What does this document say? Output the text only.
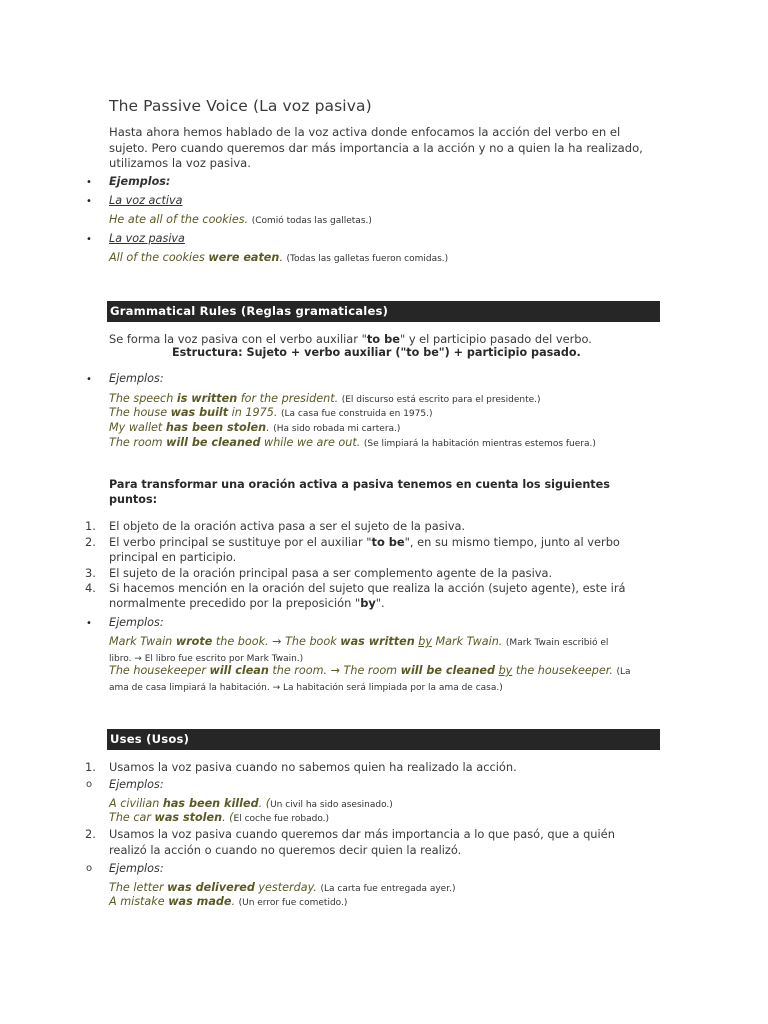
The Passive Voice (La voz pasiva)
Hasta ahora hemos hablado de la voz activa donde enfocamos la acción del verbo en el sujeto. Pero cuando queremos dar más importancia a la acción y no a quien la ha realizado, utilizamos la voz pasiva.
• Ejemplos:
• La voz activa
He ate all of the cookies. (Comió todas las galletas.)
• La voz pasiva
All of the cookies were eaten. (Todas las galletas fueron comidas.)
Grammatical Rules (Reglas gramaticales)
Se forma la voz pasiva con el verbo auxiliar "to be" y el participio pasado del verbo.
Estructura: Sujeto + verbo auxiliar ("to be") + participio pasado.
• Ejemplos:
The speech is written for the president. (El discurso está escrito para el presidente.)
The house was built in 1975. (La casa fue construida en 1975.)
My wallet has been stolen. (Ha sido robada mi cartera.)
The room will be cleaned while we are out. (Se limpiará la habitación mientras estemos fuera.)
Para transformar una oración activa a pasiva tenemos en cuenta los siguientes
puntos:
1. El objeto de la oración activa pasa a ser el sujeto de la pasiva.
2. El verbo principal se sustituye por el auxiliar "to be", en su mismo tiempo, junto al verbo
principal en participio.
3. El sujeto de la oración principal pasa a ser complemento agente de la pasiva.
4. Si hacemos mención en la oración del sujeto que realiza la acción (sujeto agente), este irá
normalmente precedido por la preposición "by".
• Ejemplos:
Mark Twain wrote the book. → The book was written by Mark Twain. (Mark Twain escribió el
libro. → El libro fue escrito por Mark Twain.)
The housekeeper will clean the room. → The room will be cleaned by the housekeeper. (La
ama de casa limpiará la habitación. → La habitación será limpiada por la ama de casa.)
Uses (Usos)
1. Usamos la voz pasiva cuando no sabemos quien ha realizado la acción.
o Ejemplos:
A civilian has been killed. (Un civil ha sido asesinado.)
The car was stolen. (El coche fue robado.)
2. Usamos la voz pasiva cuando queremos dar más importancia a lo que pasó, que a quién
realizó la acción o cuando no queremos decir quien la realizó.
o Ejemplos:
The letter was delivered yesterday. (La carta fue entregada ayer.)
A mistake was made. (Un error fue cometido.)
